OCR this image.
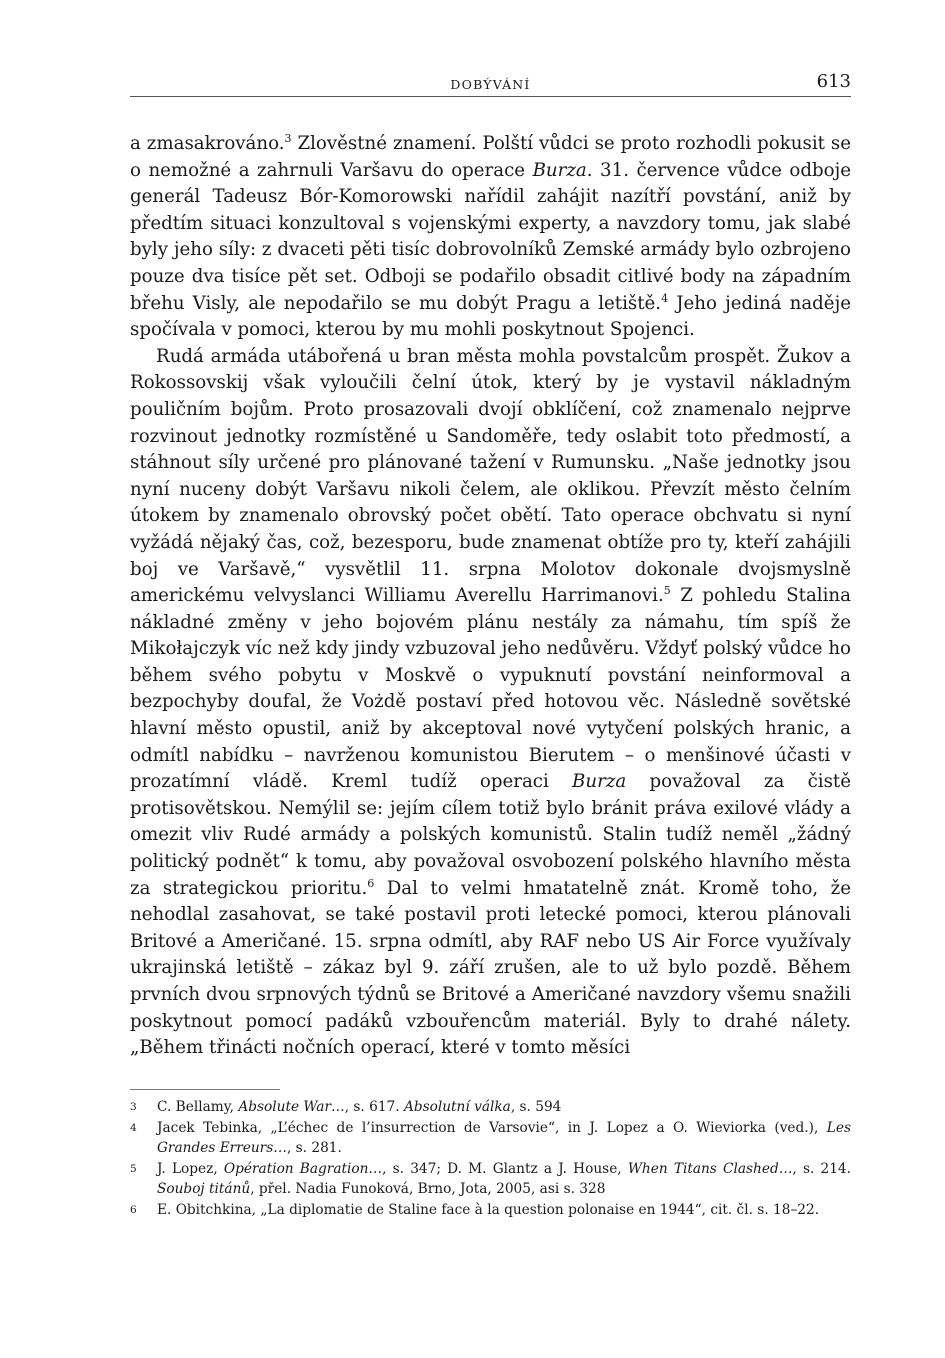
DOBÝVÁNÍ	613

a zmasakrováno.$^3$ Zlověstné znamení. Polští vůdci se proto rozhodli pokusit se o nemožné a zahrnuli Varšavu do operace Burza. 31. července vůdce odboje generál Tadeusz Bór-Komorowski nařídil zahájit nazítří povstání, aniž by předtím situaci konzultoval s vojenskými experty, a navzdory tomu, jak slabé byly jeho síly: z dvaceti pěti tisíc dobrovolníků Zemské armády bylo ozbrojeno pouze dva tisíce pět set. Odboji se podařilo obsadit citlivé body na západním břehu Visly, ale nepodařilo se mu dobýt Pragu a letiště.$^4$ Jeho jediná naděje spočívala v pomoci, kterou by mu mohli poskytnout Spojenci.

Rudá armáda utábořená u bran města mohla povstalcům prospět. Žukov a Rokossovskij však vyloučili čelní útok, který by je vystavil nákladným pouličním bojům. Proto prosazovali dvojí obklíčení, což znamenalo nejprve rozvinout jednotky rozmístěné u Sandoměře, tedy oslabit toto předmostí, a stáhnout síly určené pro plánované tažení v Rumunsku. „Naše jednotky jsou nyní nuceny dobýt Varšavu nikoli čelem, ale oklikou. Převzít město čelním útokem by znamenalo obrovský počet obětí. Tato operace obchvatu si nyní vyžádá nějaký čas, což, bezesporu, bude znamenat obtíže pro ty, kteří zahájili boj ve Varšavě,“ vysvětlil 11. srpna Molotov dokonale dvojsmyslně americkému velvyslanci Williamu Averellu Harrimanovi.$^5$ Z pohledu Stalina nákladné změny v jeho bojovém plánu nestály za námahu, tím spíš že Mikołajczyk víc než kdy jindy vzbuzoval jeho nedůvěru. Vždyť polský vůdce ho během svého pobytu v Moskvě o vypuknutí povstání neinformoval a bezpochyby doufal, že Vożdě postaví před hotovou věc. Následně sovětské hlavní město opustil, aniž by akceptoval nové vytyčení polských hranic, a odmítl nabídku – navrženou komunistou Bierutem – o menšinové účasti v prozatímní vládě. Kreml tudíž operaci Burza považoval za čistě protisovětskou. Nemýlil se: jejím cílem totiž bylo bránit práva exilové vlády a omezit vliv Rudé armády a polských komunistů. Stalin tudíž neměl „žádný politický podnět“ k tomu, aby považoval osvobození polského hlavního města za strategickou prioritu.$^6$ Dal to velmi hmatatelně znát. Kromě toho, že nehodlal zasahovat, se také postavil proti letecké pomoci, kterou plánovali Britové a Američané. 15. srpna odmítl, aby RAF nebo US Air Force využívaly ukrajinská letiště – zákaz byl 9. září zrušen, ale to už bylo pozdě. Během prvních dvou srpnových týdnů se Britové a Američané navzdory všemu snažili poskytnout pomocí padáků vzbouřencům materiál. Byly to drahé nálety. „Během třinácti nočních operací, které v tomto měsíci

3 C. Bellamy, Absolute War…, s. 617. Absolutní válka, s. 594
4 Jacek Tebinka, „L’échec de l’insurrection de Varsovie“, in J. Lopez a O. Wieviorka (ved.), Les Grandes Erreurs…, s. 281.
5 J. Lopez, Opération Bagration…, s. 347; D. M. Glantz a J. House, When Titans Clashed…, s. 214. Souboj titánů, přel. Nadia Funoková, Brno, Jota, 2005, asi s. 328
6 E. Obitchkina, „La diplomatie de Staline face à la question polonaise en 1944“, cit. čl. s. 18–22.
